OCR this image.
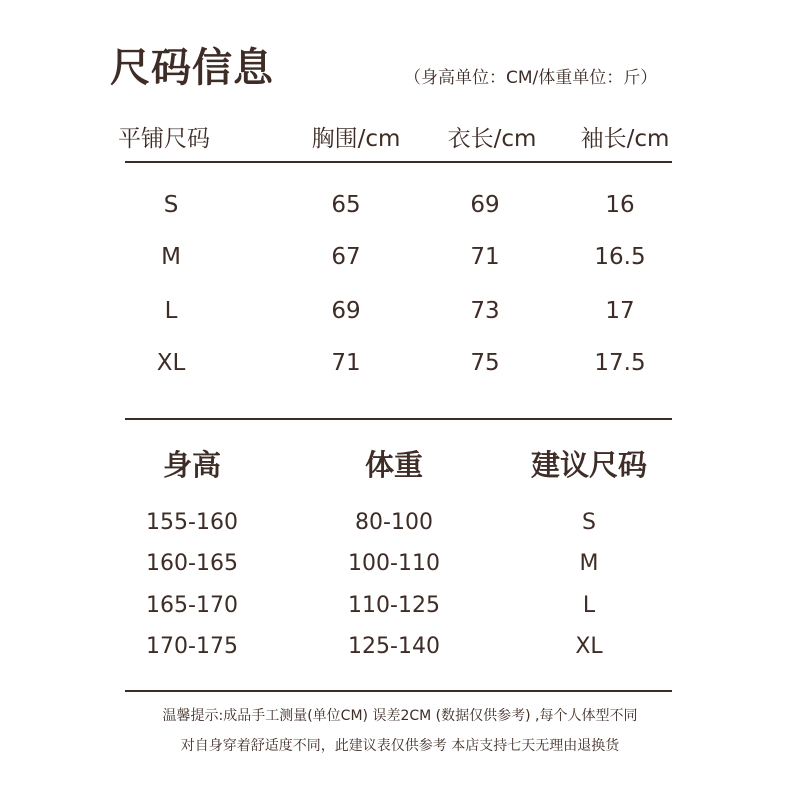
尺码信息	（身高单位：CM/体重单位：斤）
平铺尺码	胸围/cm 衣长/cm 袖长/cm
S	65	69	16
M	67	71	16.5
L	69	73	17
XL	71	75	17.5
身高	体重	建议尺码
155-160	80-100	S
160-165	100-110	M
165-170	110-125	L
170-175	125-140	XL
温馨提示:成品手工测量(单位CM) 误差2CM (数据仅供参考) ,每个人体型不同
对自身穿着舒适度不同，此建议表仅供参考 本店支持七天无理由退换货
